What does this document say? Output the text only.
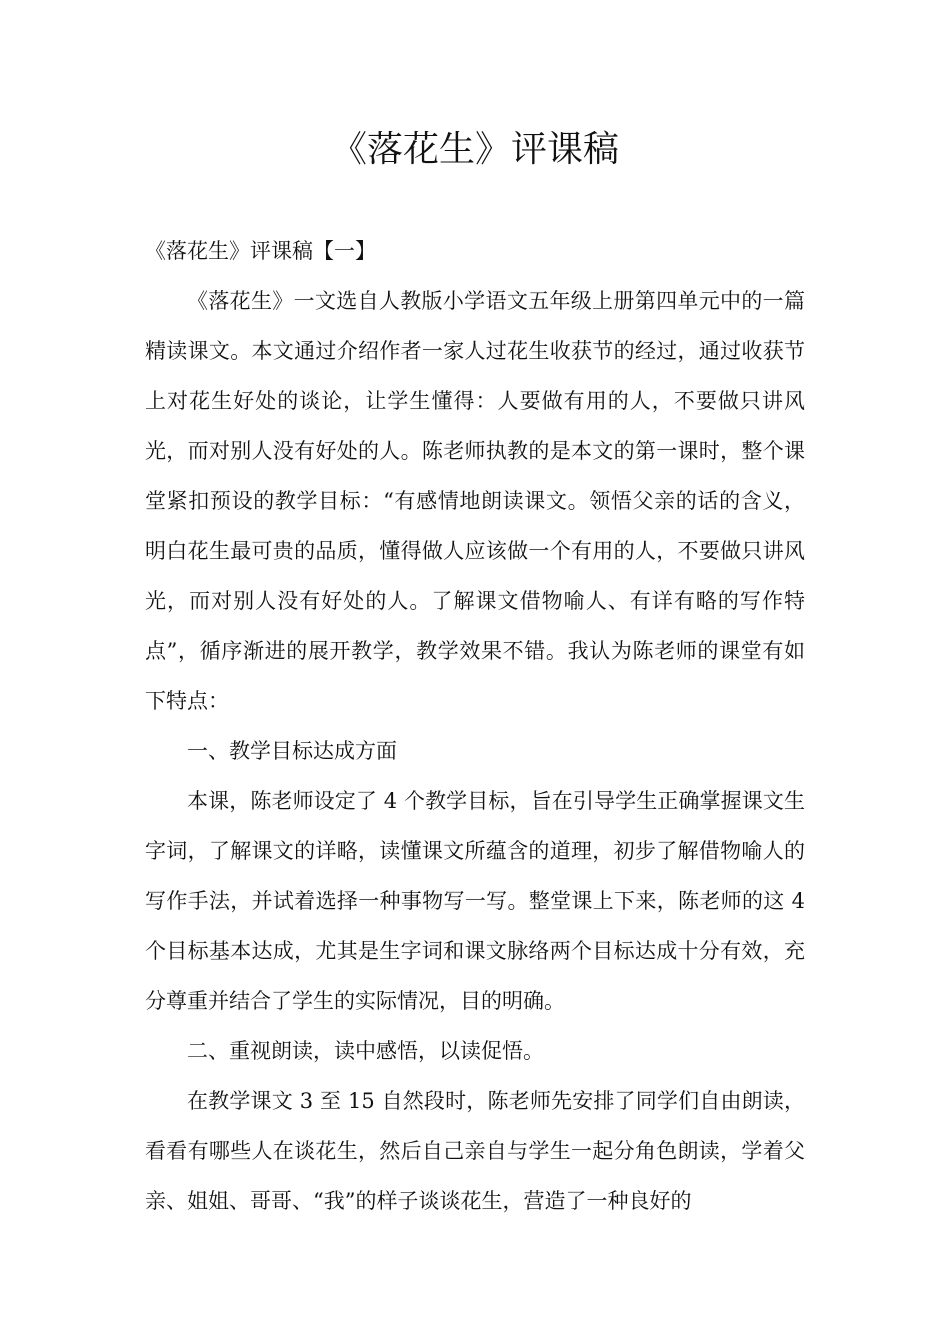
《落花生》评课稿

《落花生》评课稿【一】

《落花生》一文选自人教版小学语文五年级上册第四单元中的一篇精读课文。本文通过介绍作者一家人过花生收获节的经过，通过收获节上对花生好处的谈论，让学生懂得：人要做有用的人，不要做只讲风光，而对别人没有好处的人。陈老师执教的是本文的第一课时，整个课堂紧扣预设的教学目标：“有感情地朗读课文。领悟父亲的话的含义，明白花生最可贵的品质，懂得做人应该做一个有用的人，不要做只讲风光，而对别人没有好处的人。了解课文借物喻人、有详有略的写作特点”，循序渐进的展开教学，教学效果不错。我认为陈老师的课堂有如下特点：

一、教学目标达成方面

本课，陈老师设定了 4 个教学目标，旨在引导学生正确掌握课文生字词，了解课文的详略，读懂课文所蕴含的道理，初步了解借物喻人的写作手法，并试着选择一种事物写一写。整堂课上下来，陈老师的这 4 个目标基本达成，尤其是生字词和课文脉络两个目标达成十分有效，充分尊重并结合了学生的实际情况，目的明确。

二、重视朗读，读中感悟，以读促悟。

在教学课文 3 至 15 自然段时，陈老师先安排了同学们自由朗读，看看有哪些人在谈花生，然后自己亲自与学生一起分角色朗读，学着父亲、姐姐、哥哥、“我”的样子谈谈花生，营造了一种良好的
